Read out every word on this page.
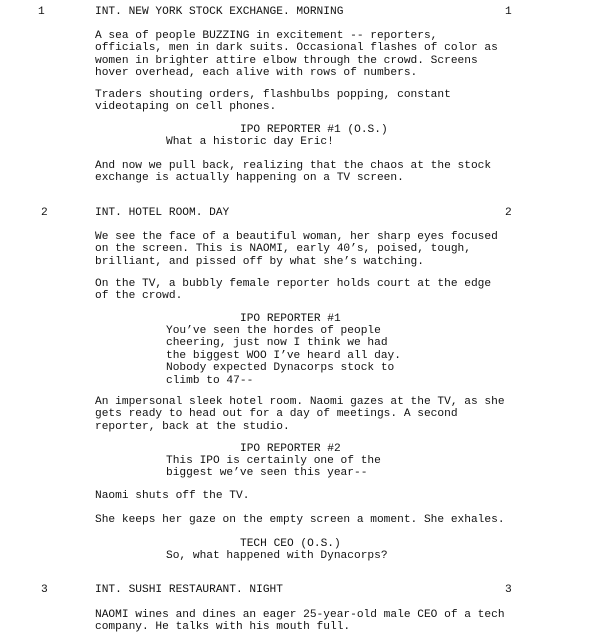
1	1
INT. NEW YORK STOCK EXCHANGE. MORNING
A sea of people BUZZING in excitement -- reporters,
officials, men in dark suits. Occasional flashes of color as
women in brighter attire elbow through the crowd. Screens
hover overhead, each alive with rows of numbers.
Traders shouting orders, flashbulbs popping, constant
videotaping on cell phones.
IPO REPORTER #1 (O.S.)
What a historic day Eric!
And now we pull back, realizing that the chaos at the stock
exchange is actually happening on a TV screen.
2	2
INT. HOTEL ROOM. DAY
We see the face of a beautiful woman, her sharp eyes focused
on the screen. This is NAOMI, early 40’s, poised, tough,
brilliant, and pissed off by what she’s watching.
On the TV, a bubbly female reporter holds court at the edge
of the crowd.
IPO REPORTER #1
You’ve seen the hordes of people
cheering, just now I think we had
the biggest WOO I’ve heard all day.
Nobody expected Dynacorps stock to
climb to 47--
An impersonal sleek hotel room. Naomi gazes at the TV, as she
gets ready to head out for a day of meetings. A second
reporter, back at the studio.
IPO REPORTER #2
This IPO is certainly one of the
biggest we’ve seen this year--
Naomi shuts off the TV.
She keeps her gaze on the empty screen a moment. She exhales.
TECH CEO (O.S.)
So, what happened with Dynacorps?
3	3
INT. SUSHI RESTAURANT. NIGHT
NAOMI wines and dines an eager 25-year-old male CEO of a tech
company. He talks with his mouth full.
